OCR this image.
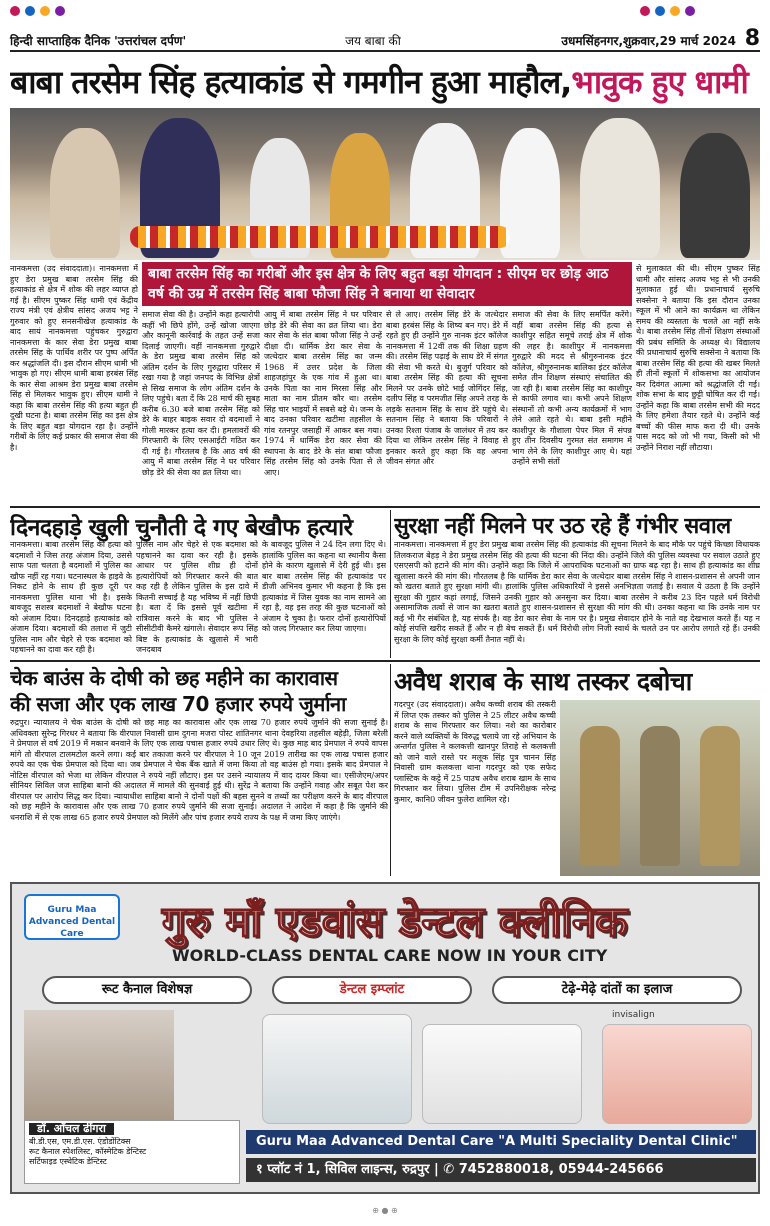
हिन्दी साप्ताहिक दैनिक 'उत्तरांचल दर्पण'	जय बाबा की	उधमसिंहनगर,शुक्रवार,29 मार्च 2024 8
बाबा तरसेम सिंह हत्याकांड से गमगीन हुआ माहौल,भावुक हुए धामी
बाबा तरसेम सिंह का गरीबों और इस क्षेत्र के लिए बहुत बड़ा योगदान : सीएम घर छोड़ आठ वर्ष की उम्र में तरसेम सिंह बाबा फौजा सिंह ने बनाया था सेवादार
नानकमत्ता (उद संवाददाता)। नानकमत्ता में हुए डेरा प्रमुख बाबा तरसेम सिंह की हत्याकांड से क्षेत्र में शोक की लहर व्याप्त हो गई है। सीएम पुष्कर सिंह धामी एवं केंद्रीय राज्य मंत्री एवं क्षेत्रीय सांसद अजय भट्ट ने गुरुवार को हुए सनसनीखेज हत्याकांड के बाद सायं नानकमत्ता पहुंचकर गुरुद्वारा नानकमत्ता के कार सेवा डेरा प्रमुख बाबा तरसेम सिंह के पार्थिव शरीर पर पुष्प अर्पित कर श्रद्धांजलि दी। इस दौरान सीएम धामी भी भावुक हो गए। सीएम धामी बाबा हरबंस सिंह के कार सेवा आश्रम डेरा प्रमुख बाबा तरसेम सिंह से मिलकर भावुक हुए। सीएम धामी ने कहा कि बाबा तरसेम सिंह की हत्या बहुत ही दुखी घटना है। बाबा तरसेम सिंह का इस क्षेत्र के लिए बहुत बड़ा योगदान रहा है। उन्होंने गरीबों के लिए कई प्रकार की समाज सेवा की है।
समाज सेवा की है। उन्होंने कहा हत्यारोपी कहीं भी छिपे होंगे, उन्हें खोजा जाएगा और कानूनी कार्रवाई के तहत उन्हें सजा दिलाई जाएगी। वहीं नानकमत्ता गुरुद्वारे के डेरा प्रमुख बाबा तरसेम सिंह को अंतिम दर्शन के लिए गुरुद्वारा परिसर में रखा गया है जहां जनपद के विभिन्न क्षेत्रों से सिख समाज के लोग अंतिम दर्शन के लिए पहुंचे। बता दें कि 28 मार्च की सुबह करीब 6.30 बजे बाबा तरसेम सिंह को डेरे के बाहर बाइक सवार दो बदमाशों ने गोली मारकर हत्या कर दी। हमलावरों की गिरफ्तारी के लिए एसआईटी गठित कर दी गई है। गौरतलब है कि आठ वर्ष की आयु में बाबा तरसेम सिंह ने घर परिवार छोड़ डेरे की सेवा का व्रत लिया था।
आयु में बाबा तरसेम सिंह ने घर परिवार छोड़ डेरे की सेवा का व्रत लिया था। डेरा कार सेवा के संत बाबा फौजा सिंह ने उन्हें दीक्षा दी। धार्मिक डेरा कार सेवा के जत्थेदार बाबा तरसेम सिंह का जन्म 1968 में उत्तर प्रदेश के जिला शाहजहांपुर के एक गांव में हुआ था। उनके पिता का नाम मिरसा सिंह और माता का नाम प्रीतम कौर था। तरसेम सिंह चार भाइयों में सबसे बड़े थे। जन्म के बाद उनका परिवार खटीमा तहसील के गांव रतनपुर जसाही में आकर बस गया। 1974 में धार्मिक डेरा कार सेवा की स्थापना के बाद डेरे के संत बाबा फौजा सिंह तरसेम सिंह को उनके पिता से ले आए।
से ले आए। तरसेम सिंह डेरे के जत्थेदार बाबा हरबंस सिंह के शिष्य बन गए। डेरे में रहते हुए ही उन्होंने गुरु नानक इंटर कॉलेज नानकमत्ता में 12वीं तक की शिक्षा ग्रहण की। तरसेम सिंह पढ़ाई के साथ डेरे में संगत की सेवा भी करते थे। बुजुर्ग परिवार को बाबा तरसेम सिंह की हत्या की सूचना मिलने पर उनके छोटे भाई जोगिंदर सिंह, दलीप सिंह व परमजीत सिंह अपने तरह के लड़के सतनाम सिंह के साथ डेरे पहुंचे थे। सतनाम सिंह ने बताया कि परिवारों ने उनका रिश्ता पंजाब के जालंधर में तय कर दिया था लेकिन तरसेम सिंह ने विवाह से इनकार करते हुए कहा कि वह अपना जीवन संगत और
समाज की सेवा के लिए समर्पित करेंगे। वहीं बाबा तरसेम सिंह की हत्या से काशीपुर सहित समूचे तराई क्षेत्र में शोक की लहर है। काशीपुर में नानकमत्ता गुरुद्वारे की मदद से श्रीगुरुनानक इंटर कॉलेज, श्रीगुरुनानक बालिका इंटर कॉलेज समेत तीन शिक्षण संस्थाएं संचालित की जा रही है। बाबा तरसेम सिंह का काशीपुर से काफी लगाव था। कभी अपने शिक्षण संस्थानों तो कभी अन्य कार्यक्रमों में भाग लेने आते रहते थे। बाबा इसी महीने काशीपुर के गौशाला पेपर मिल में संपन्न हुए तीन दिवसीय गुरमत संत समागम में भाग लेने के लिए काशीपुर आए थे। यहां उन्होंने सभी संतों
से मुलाकात की थी। सीएम पुष्कर सिंह धामी और सांसद अजय भट्ट से भी उनकी मुलाकात हुई थी। प्रधानाचार्य सुरुचि सक्सेना ने बताया कि इस दौरान उनका स्कूल में भी आने का कार्यक्रम था लेकिन समय की व्यस्तता के चलते आ नहीं सके थे। बाबा तरसेम सिंह तीनों शिक्षण संस्थाओं की प्रबंध समिति के अध्यक्ष थे। विद्यालय की प्रधानाचार्य सुरुचि सक्सेना ने बताया कि बाबा तरसेम सिंह की हत्या की खबर मिलते ही तीनों स्कूलों में शोकसभा का आयोजन कर दिवंगत आत्मा को श्रद्धांजलि दी गई। शोक सभा के बाद छुट्टी घोषित कर दी गई। उन्होंने कहा कि बाबा तरसेम सभी की मदद के लिए हमेशा तैयार रहते थे। उन्होंने कई बच्चों की फीस माफ करा दी थी। उनके पास मदद को जो भी गया, किसी को भी उन्होंने निराश नहीं लौटाया।
दिनदहाड़े खुली चुनौती दे गए बेखौफ हत्यारे
नानकमत्ता। बाबा तरसेम सिंह की हत्या को बदमाशों ने जिस तरह अंजाम दिया, उससे साफ पता चलता है बदमाशों में पुलिस का खौफ नहीं रह गया। घटनास्थल के हाइवे के निकट होने के साथ ही कुछ दूरी पर नानकमत्ता पुलिस थाना भी है। इसके बावजूद सशस्त्र बदमाशों ने बेखौफ घटना को अंजाम दिया। दिनदहाड़े हत्याकांड को अंजाम दिया। बदमाशों की तलाश में जुटी पुलिस नाम और चेहरे से एक बदमाश को पहचानने का दावा कर रही है।
पुलिस नाम और चेहरे से एक बदमाश को पहचानने का दावा कर रही है। इसके आधार पर पुलिस शीघ्र ही दोनों हत्यारोपियों को गिरफ्तार करने की बात कह रही है लेकिन पुलिस के इस दावे में कितनी सच्चाई है यह भविष्य में नहीं छिपी है। बता दें कि इससे पूर्व खटीमा में रात्रिवास करने के बाद भी पुलिस ने सीसीटीवी कैमरे खंगाले। सेवादार रूप सिंह बिष्ट के हत्याकांड के खुलासे में भारी जनदबाव
के बावजूद पुलिस ने 24 दिन लगा दिए थे। हालांकि पुलिस का कहना था स्थानीय कैसा होने के कारण खुलासे में देरी हुई थी। इस बार बाबा तरसेम सिंह की हत्याकांड पर डीजी अभिनव कुमार भी कहना है कि इस हत्याकांड में जिस युवक का नाम सामने आ रहा है, वह इस तरह की कुछ घटनाओं को अंजाम दे चुका है। फरार दोनों हत्यारोपियों को जल्द गिरफ्तार कर लिया जाएगा।
सुरक्षा नहीं मिलने पर उठ रहे हैं गंभीर सवाल
नानकमत्ता। नानकमत्ता में हुए डेरा प्रमुख बाबा तरसेम सिंह की हत्याकांड की सूचना मिलने के बाद मौके पर पहुंचे किच्छा विधायक तिलकराज बेहड़ ने डेरा प्रमुख तरसेम सिंह की हत्या की घटना की निंदा की। उन्होंने जिले की पुलिस व्यवस्था पर सवाल उठाते हुए एसएसपी को हटाने की मांग की। उन्होंने कहा कि जिले में आपराधिक घटनाओं का ग्राफ बढ़ रहा है। साथ ही हत्याकांड का शीघ्र खुलासा करने की मांग की। गौरतलब है कि धार्मिक डेरा कार सेवा के जत्थेदार बाबा तरसेम सिंह ने शासन-प्रशासन से अपनी जान को खतरा बताते हुए सुरक्षा मांगी थी। हालांकि पुलिस अधिकारियों ने इससे अनभिज्ञता जताई है। सवाल ये उठता है कि उन्होंने सुरक्षा की गुहार कहां लगाई, जिसने उनकी गुहार को अनसुना कर दिया। बाबा तरसेम ने करीब 23 दिन पहले धर्म विरोधी असामाजिक तत्वों से जान का खतरा बताते हुए शासन-प्रशासन से सुरक्षा की मांग की थी। उनका कहना था कि उनके नाम पर कई भी गैर संबंधित है, यह संपर्क है। वह डेरा कार सेवा के नाम पर है। प्रमुख सेवादार होने के नाते वह देखभाल करते हैं। यह न कोई संपत्ति खरीद सकते हैं और न ही बेच सकते हैं। धर्म विरोधी लोग निजी स्वार्थ के चलते उन पर आरोप लगाते रहे हैं। उनकी सुरक्षा के लिए कोई सुरक्षा कर्मी तैनात नहीं थे।
चेक बाउंस के दोषी को छह महीने का कारावास
की सजा और एक लाख 70 हजार रुपये जुर्माना
रुद्रपुर। न्यायालय ने चेक बाउंस के दोषी को छह माह का कारावास और एक लाख 70 हजार रुपये जुर्माने की सजा सुनाई है। अधिवक्ता सुरेन्द्र गिरधर ने बताया कि वीरपाल निवासी ग्राम दुगना मजरा पोस्ट शांतिनगर थाना देवहरिया तहसील बहेड़ी, जिला बरेली ने प्रेमपाल से वर्ष 2019 में मकान बनवाने के लिए एक लाख पचास हजार रुपये उधार लिए थे। कुछ माह बाद प्रेमपाल ने रुपये वापस मांगे तो वीरपाल टालमटोल करने लगा। कई बार तकाजा करने पर वीरपाल ने 10 जून 2019 तारीख का एक लाख पचास हजार रुपये का एक चेक प्रेमपाल को दिया था। जब प्रेमपाल ने चेक बैंक खाते में जमा किया तो वह बाउंस हो गया। इसके बाद प्रेमपाल ने नोटिस वीरपाल को भेजा था लेकिन वीरपाल ने रुपये नहीं लौटाए। इस पर उसने न्यायालय में वाद दायर किया था। एसीजेएम/अपर सीनियर सिविल जज साहिबा बानो की अदालत में मामले की सुनवाई हुई थी। सुरेंद्र ने बताया कि उन्होंने गवाह और सबूत पेश कर वीरपाल पर आरोप सिद्ध कर दिया। न्यायाधीश साहिबा बानो ने दोनों पक्षों की बहस सुनने व तथ्यों का परीक्षण करने के बाद वीरपाल को छह महीने के कारावास और एक लाख 70 हजार रुपये जुर्माने की सजा सुनाई। अदालत ने आदेश में कहा है कि जुर्माने की धनराशि में से एक लाख 65 हजार रुपये प्रेमपाल को मिलेंगे और पांच हजार रुपये राज्य के पक्ष में जमा किए जाएंगे।
अवैध शराब के साथ तस्कर दबोचा
गदरपुर (उद संवाददाता)। अवैध कच्ची शराब की तस्करी में लिप्त एक तस्कर को पुलिस ने 25 लीटर अवैध कच्ची शराब के साथ गिरफ्तार कर लिया। नशे का कारोबार करने वाले व्यक्तियों के विरुद्ध चलाये जा रहे अभियान के अन्तर्गत पुलिस ने कलकत्ती खानपुर तिराहे से कलकत्ती को जाने वाले रास्ते पर मलूक सिंह पुत्र चानन सिंह निवासी ग्राम कलकत्ता थाना गदरपुर को एक सफेद प्लास्टिक के कट्टे में 25 पाउच अवैध शराब खाम के साथ गिरफ्तार कर लिया। पुलिस टीम में उपनिरीक्षक नरेन्द्र कुमार, कानि0 जीवन फुलेरा शामिल रहे।
Guru Maa
Advanced Dental Care	गुरु माँ एडवांस डेन्टल क्लीनिक
WORLD-CLASS DENTAL CARE NOW IN YOUR CITY
रूट कैनाल विशेषज्ञ	डेन्टल इम्प्लांट	टेढ़े-मेढ़े दांतों का इलाज
invisalign
डॉ. आँचल ढींगरा
बी.डी.एस, एम.डी.एस. एंडोडोंटिक्स
रूट कैनाल स्पेशलिस्ट, कॉस्मेटिक डेन्टिस्ट
सर्टिफाइड एस्थेटिक डेन्टिस्ट
Guru Maa Advanced Dental Care "A Multi Speciality Dental Clinic"
१ प्लॉट नं 1, सिविल लाइन्स, रुद्रपुर | ✆ 7452880018, 05944-245666
⊕ ● ⊕
